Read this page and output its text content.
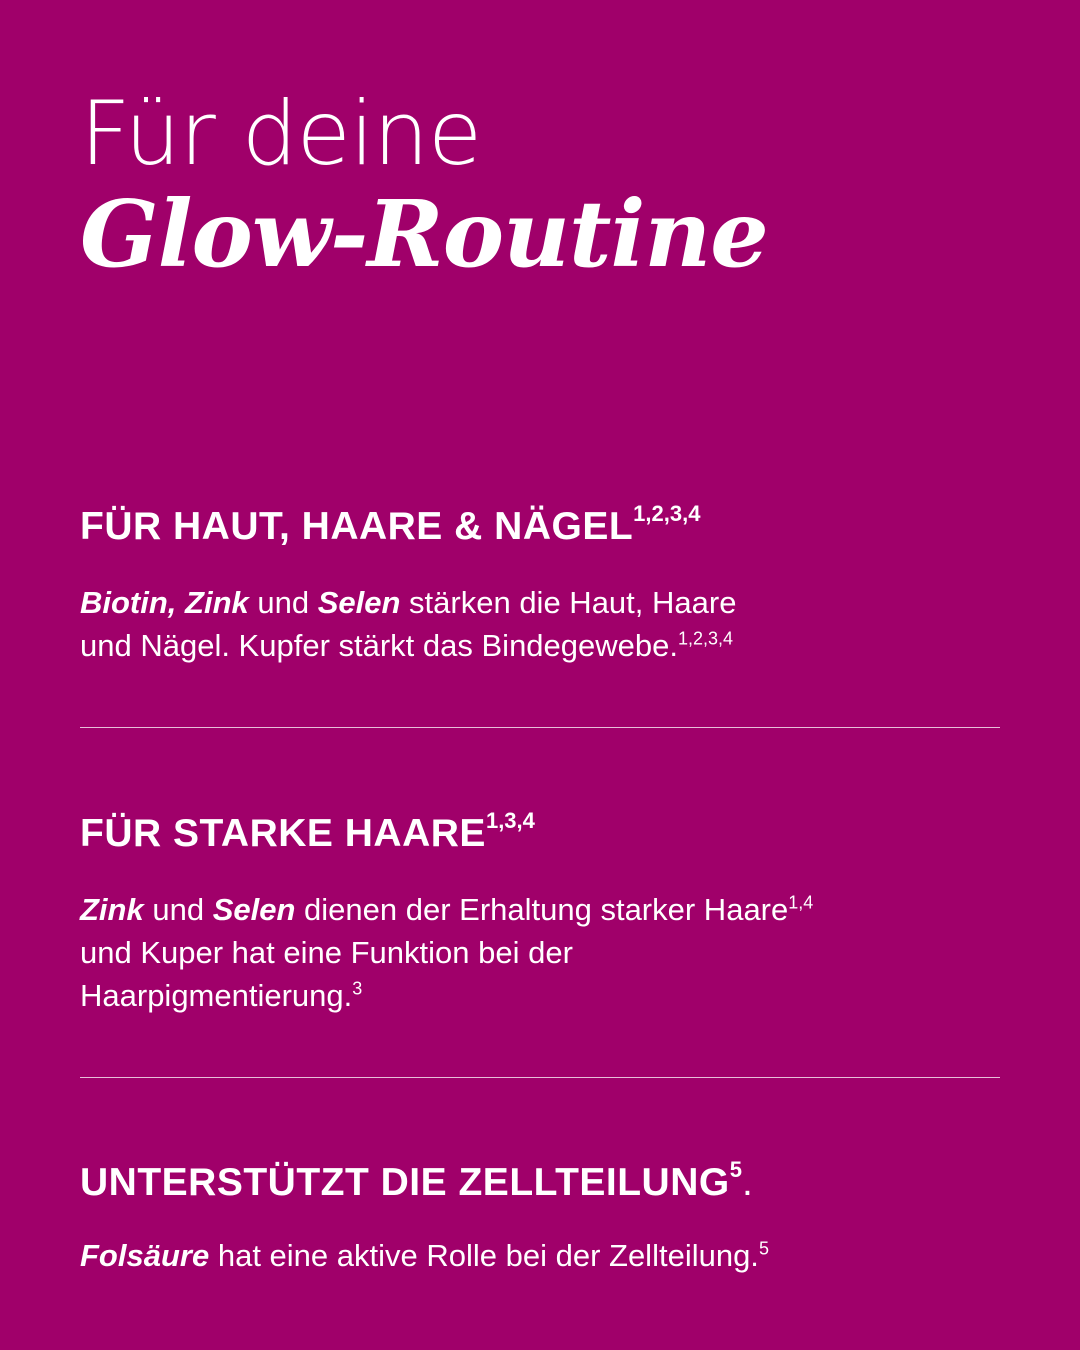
Für deine
Glow-Routine
FÜR HAUT, HAARE & NÄGEL$^{1,2,3,4}$

Biotin, Zink und Selen stärken die Haut, Haare
und Nägel. Kupfer stärkt das Bindegewebe.$^{1,2,3,4}$

FÜR STARKE HAARE$^{1,3,4}$

Zink und Selen dienen der Erhaltung starker Haare$^{1,4}$
und Kuper hat eine Funktion bei der
Haarpigmentierung.$^3$

UNTERSTÜTZT DIE ZELLTEILUNG$^5$.

Folsäure hat eine aktive Rolle bei der Zellteilung.$^5$
